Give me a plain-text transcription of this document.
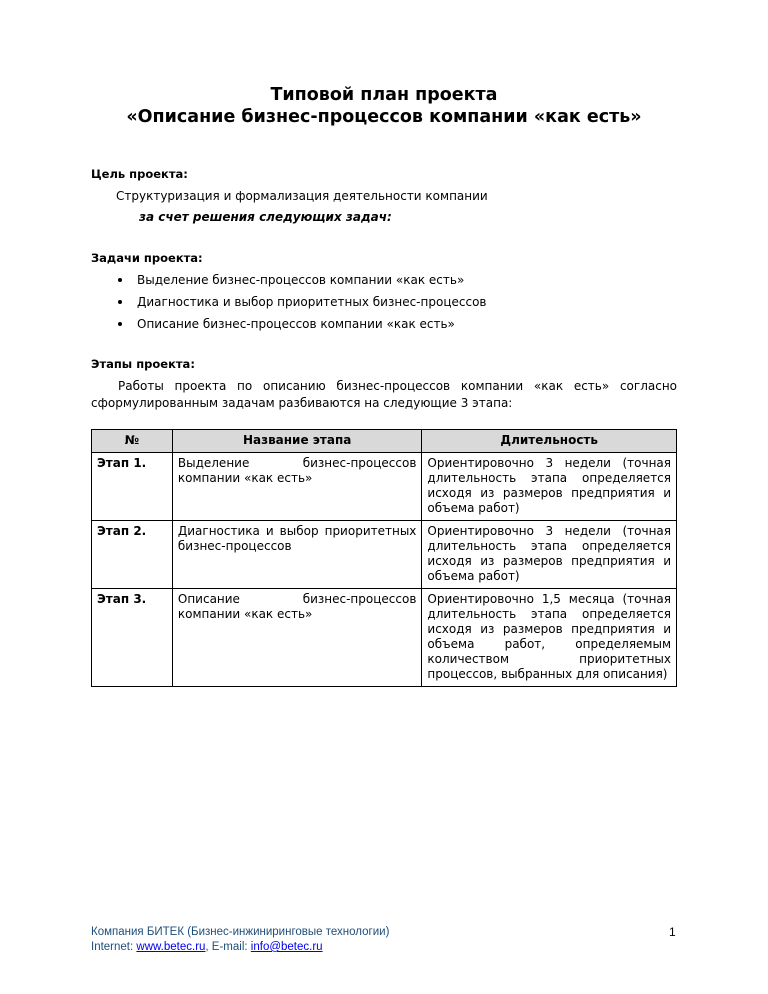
Типовой план проекта
«Описание бизнес-процессов компании «как есть»
Цель проекта:
Структуризация и формализация деятельности компании
за счет решения следующих задач:
Задачи проекта:
Выделение бизнес-процессов компании «как есть»
Диагностика и выбор приоритетных бизнес-процессов
Описание бизнес-процессов компании «как есть»
Этапы проекта:
Работы проекта по описанию бизнес-процессов компании «как есть» согласно сформулированным задачам разбиваются на следующие 3 этапа:
№	Название этапа	Длительность
Этап 1.	Выделение бизнес-процессов компании «как есть»	Ориентировочно 3 недели (точная длительность этапа определяется исходя из размеров предприятия и объема работ)
Этап 2.	Диагностика и выбор приоритетных бизнес-процессов	Ориентировочно 3 недели (точная длительность этапа определяется исходя из размеров предприятия и объема работ)
Этап 3.	Описание бизнес-процессов компании «как есть»	Ориентировочно 1,5 месяца (точная длительность этапа определяется исходя из размеров предприятия и объема работ, определяемым количеством приоритетных процессов, выбранных для описания)
Компания БИТЕК (Бизнес-инжиниринговые технологии)
Internet: www.betec.ru, E-mail: info@betec.ru
1
